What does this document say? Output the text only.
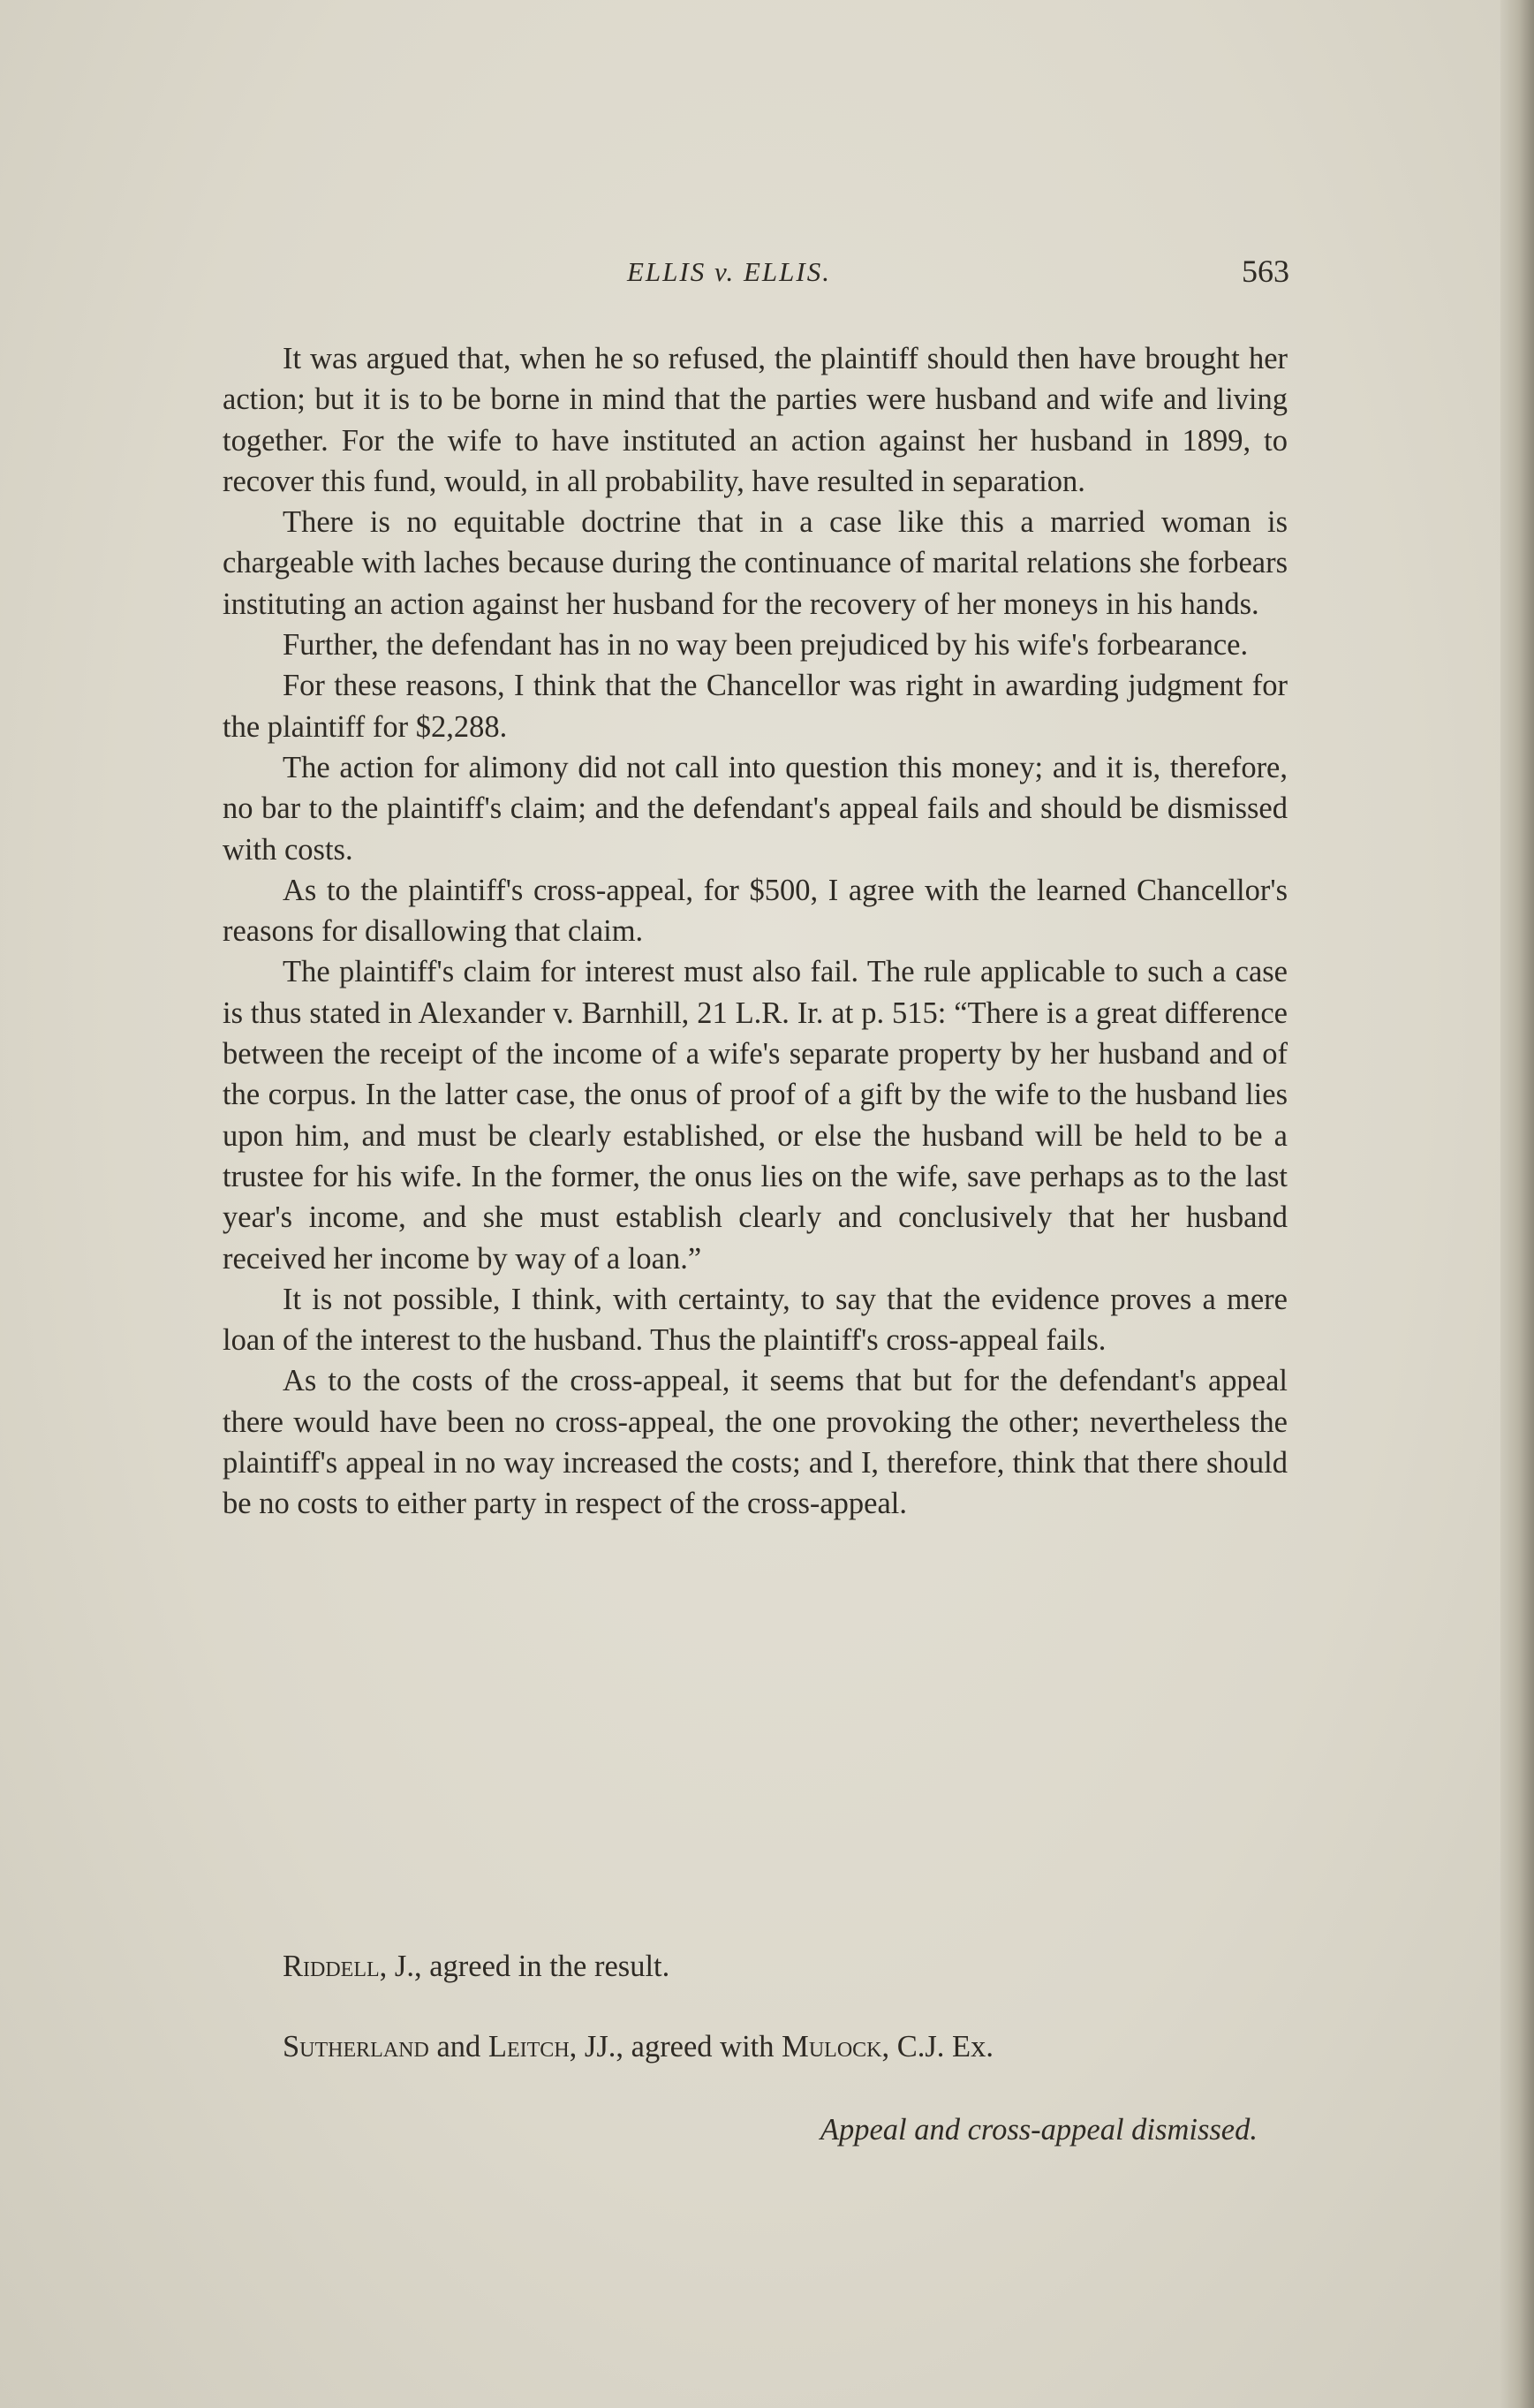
ELLIS v. ELLIS.	563

It was argued that, when he so refused, the plaintiff should then have brought her action; but it is to be borne in mind that the parties were husband and wife and living together. For the wife to have instituted an action against her husband in 1899, to recover this fund, would, in all probability, have resulted in separation.

There is no equitable doctrine that in a case like this a married woman is chargeable with laches because during the continuance of marital relations she forbears instituting an action against her husband for the recovery of her moneys in his hands.

Further, the defendant has in no way been prejudiced by his wife's forbearance.

For these reasons, I think that the Chancellor was right in awarding judgment for the plaintiff for $2,288.

The action for alimony did not call into question this money; and it is, therefore, no bar to the plaintiff's claim; and the defendant's appeal fails and should be dismissed with costs.

As to the plaintiff's cross-appeal, for $500, I agree with the learned Chancellor's reasons for disallowing that claim.

The plaintiff's claim for interest must also fail. The rule applicable to such a case is thus stated in Alexander v. Barnhill, 21 L.R. Ir. at p. 515: “There is a great difference between the receipt of the income of a wife's separate property by her husband and of the corpus. In the latter case, the onus of proof of a gift by the wife to the husband lies upon him, and must be clearly established, or else the husband will be held to be a trustee for his wife. In the former, the onus lies on the wife, save perhaps as to the last year's income, and she must establish clearly and conclusively that her husband received her income by way of a loan.”

It is not possible, I think, with certainty, to say that the evidence proves a mere loan of the interest to the husband. Thus the plaintiff's cross-appeal fails.

As to the costs of the cross-appeal, it seems that but for the defendant's appeal there would have been no cross-appeal, the one provoking the other; nevertheless the plaintiff's appeal in no way increased the costs; and I, therefore, think that there should be no costs to either party in respect of the cross-appeal.

Riddell, J., agreed in the result.
Sutherland and Leitch, JJ., agreed with Mulock, C.J. Ex.
Appeal and cross-appeal dismissed.
